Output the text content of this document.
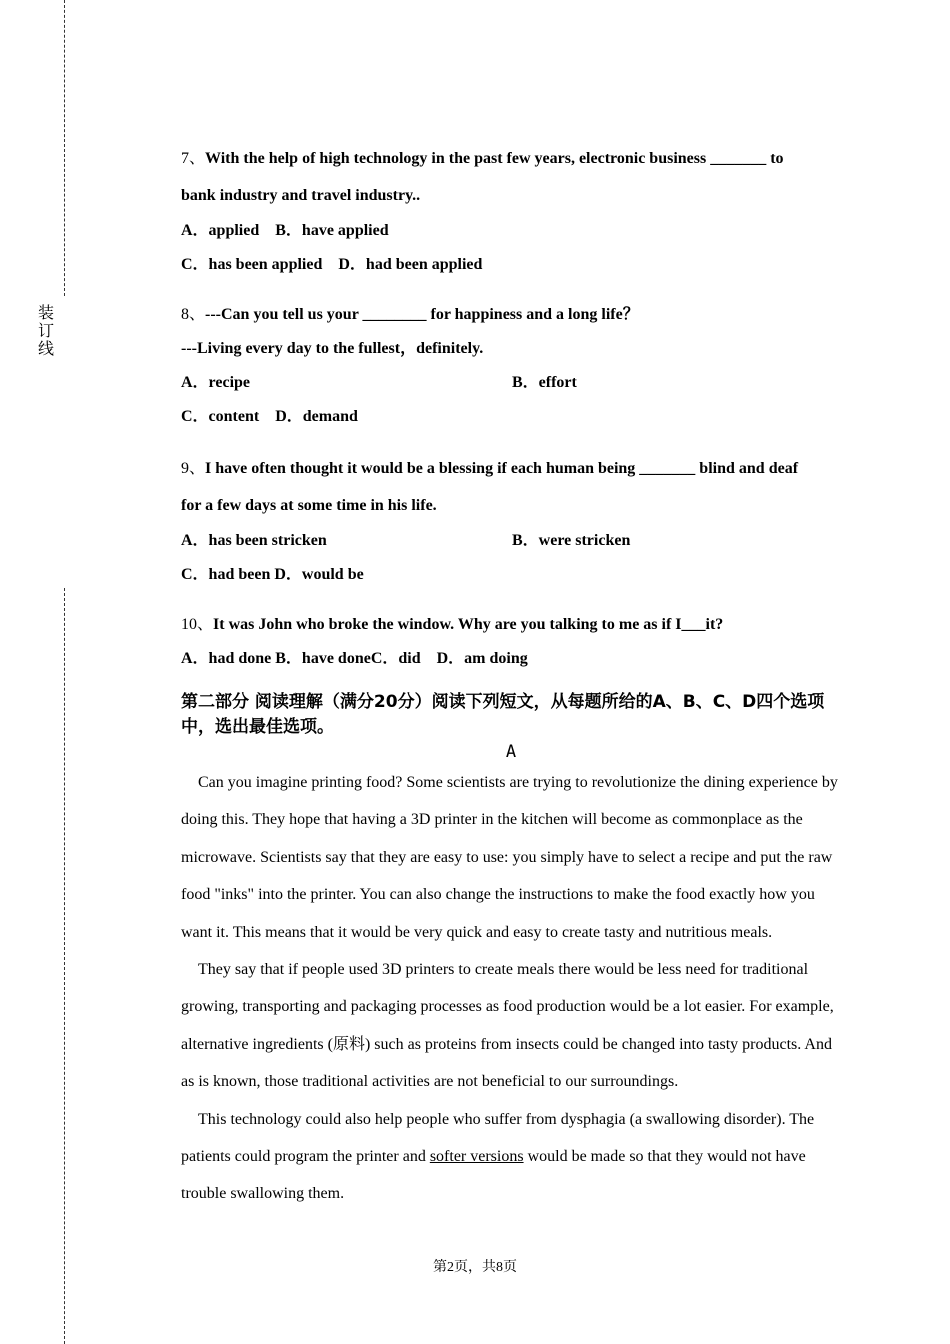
装订线
7、With the help of high technology in the past few years, electronic business _______ to
bank industry and travel industry..
A．applied　B．have applied
C．has been applied　D．had been applied
8、---Can you tell us your ________ for happiness and a long life？
---Living every day to the fullest，definitely.
A．recipe	B．effort
C．content　D．demand
9、I have often thought it would be a blessing if each human being _______ blind and deaf
for a few days at some time in his life.
A．has been stricken	B．were stricken
C．had been D．would be
10、It was John who broke the window. Why are you talking to me as if I___it?
A．had done B．have doneC．did　D．am doing
第二部分 阅读理解（满分20分）阅读下列短文，从每题所给的A、B、C、D四个选项中，选出最佳选项。
A

Can you imagine printing food? Some scientists are trying to revolutionize the dining experience by doing this. They hope that having a 3D printer in the kitchen will become as commonplace as the microwave. Scientists say that they are easy to use: you simply have to select a recipe and put the raw food "inks" into the printer. You can also change the instructions to make the food exactly how you want it. This means that it would be very quick and easy to create tasty and nutritious meals.

They say that if people used 3D printers to create meals there would be less need for traditional growing, transporting and packaging processes as food production would be a lot easier. For example, alternative ingredients (原料) such as proteins from insects could be changed into tasty products. And as is known, those traditional activities are not beneficial to our surroundings.

This technology could also help people who suffer from dysphagia (a swallowing disorder). The patients could program the printer and softer versions would be made so that they would not have trouble swallowing them.

第2页，共8页
